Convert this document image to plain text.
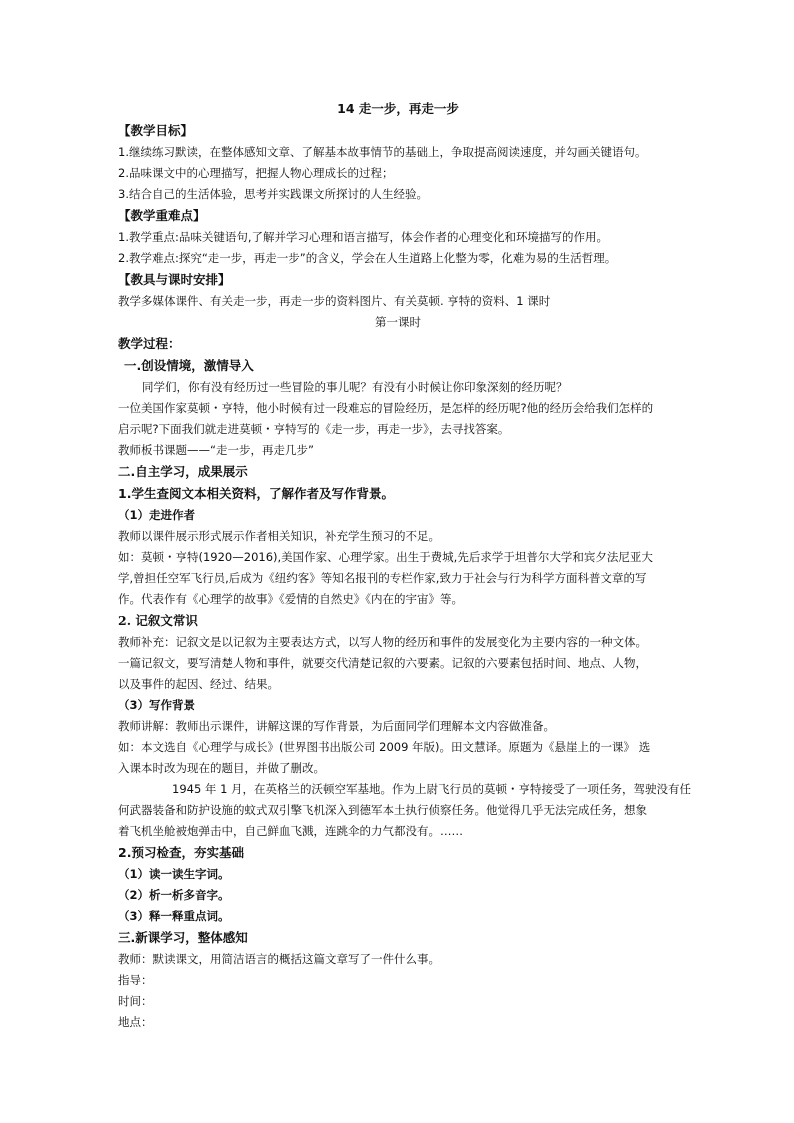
14 走一步，再走一步
【教学目标】
1.继续练习默读，在整体感知文章、了解基本故事情节的基础上，争取提高阅读速度，并勾画关键语句。
2.品味课文中的心理描写，把握人物心理成长的过程；
3.结合自己的生活体验，思考并实践课文所探讨的人生经验。
【教学重难点】
1.教学重点:品味关键语句,了解并学习心理和语言描写，体会作者的心理变化和环境描写的作用。
2.教学难点:探究“走一步，再走一步”的含义，学会在人生道路上化整为零，化难为易的生活哲理。
【教具与课时安排】
教学多媒体课件、有关走一步，再走一步的资料图片、有关莫顿. 亨特的资料、1 课时
第一课时
教学过程：
一.创设情境，激情导入
同学们，你有没有经历过一些冒险的事儿呢？有没有小时候让你印象深刻的经历呢？
一位美国作家莫顿・亨特，他小时候有过一段难忘的冒险经历，是怎样的经历呢?他的经历会给我们怎样的
启示呢?下面我们就走进莫顿・亨特写的《走一步，再走一步》，去寻找答案。
教师板书课题——“走一步，再走几步”
二.自主学习，成果展示
1.学生查阅文本相关资料，了解作者及写作背景。
（1）走进作者
教师以课件展示形式展示作者相关知识，补充学生预习的不足。
如：莫顿・亨特(1920—2016),美国作家、心理学家。出生于费城,先后求学于坦普尔大学和宾夕法尼亚大
学,曾担任空军飞行员,后成为《纽约客》等知名报刊的专栏作家,致力于社会与行为科学方面科普文章的写
作。代表作有《心理学的故事》《爱情的自然史》《内在的宇宙》等。
2. 记叙文常识
教师补充：记叙文是以记叙为主要表达方式，以写人物的经历和事件的发展变化为主要内容的一种文体。
一篇记叙文，要写清楚人物和事件，就要交代清楚记叙的六要素。记叙的六要素包括时间、地点、人物，
以及事件的起因、经过、结果。
（3）写作背景
教师讲解：教师出示课件，讲解这课的写作背景，为后面同学们理解本文内容做准备。
如：本文选自《心理学与成长》(世界图书出版公司 2009 年版)。田文慧译。原题为《悬崖上的一课》 选
入课本时改为现在的题目，并做了删改。
1945 年 1 月，在英格兰的沃顿空军基地。作为上尉飞行员的莫顿・亨特接受了一项任务，驾驶没有任
何武器装备和防护设施的蚊式双引擎飞机深入到德军本土执行侦察任务。他觉得几乎无法完成任务，想象
着飞机坐舱被炮弹击中，自己鲜血飞溅，连跳伞的力气都没有。……
2.预习检查，夯实基础
（1）读一读生字词。
（2）析一析多音字。
（3）释一释重点词。
三.新课学习，整体感知
教师：默读课文，用简洁语言的概括这篇文章写了一件什么事。
指导：
时间：
地点：
